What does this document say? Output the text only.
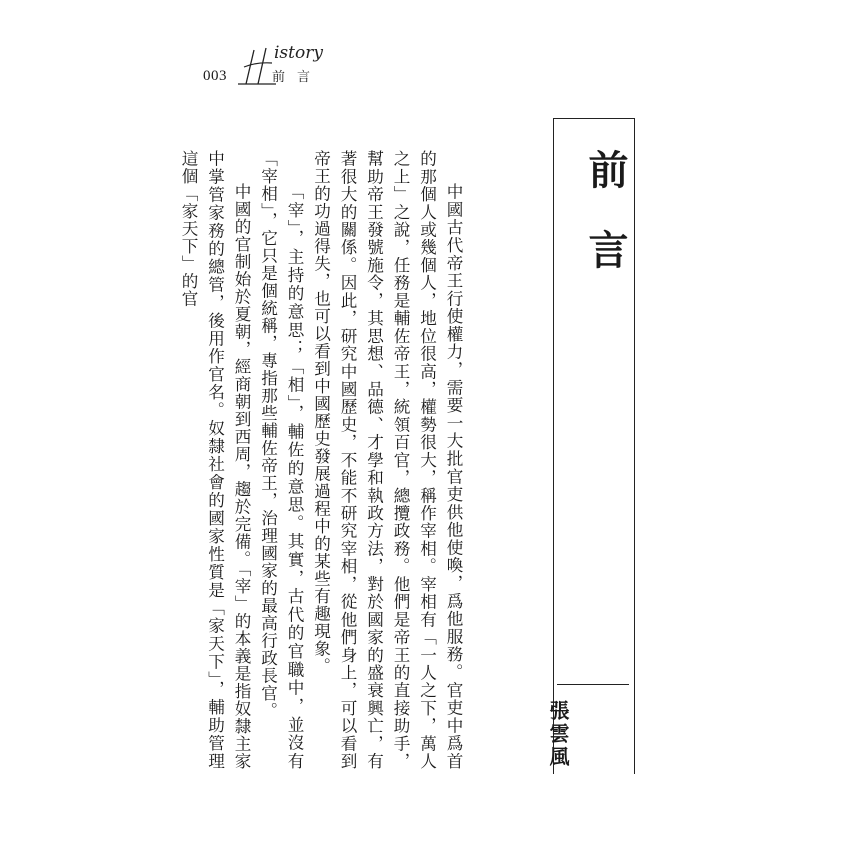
003
istory
前言
前
言
張雲風

中國古代帝王行使權力，需要一大批官吏供他使喚，爲他服務。官吏中爲首的那個人或幾個人，地位很高，權勢很大，稱作宰相。宰相有「一人之下，萬人之上」之說，任務是輔佐帝王，統領百官，總攬政務。他們是帝王的直接助手，幫助帝王發號施令，其思想、品德、才學和執政方法，對於國家的盛衰興亡，有著很大的關係。因此，研究中國歷史，不能不研究宰相，從他們身上，可以看到帝王的功過得失，也可以看到中國歷史發展過程中的某些有趣現象。

「宰」，主持的意思；「相」，輔佐的意思。其實，古代的官職中，並沒有「宰相」，它只是個統稱，專指那些輔佐帝王，治理國家的最高行政長官。

中國的官制始於夏朝，經商朝到西周，趨於完備。「宰」的本義是指奴隸主家中掌管家務的總管，後用作官名。奴隸社會的國家性質是「家天下」，輔助管理這個「家天下」的官
